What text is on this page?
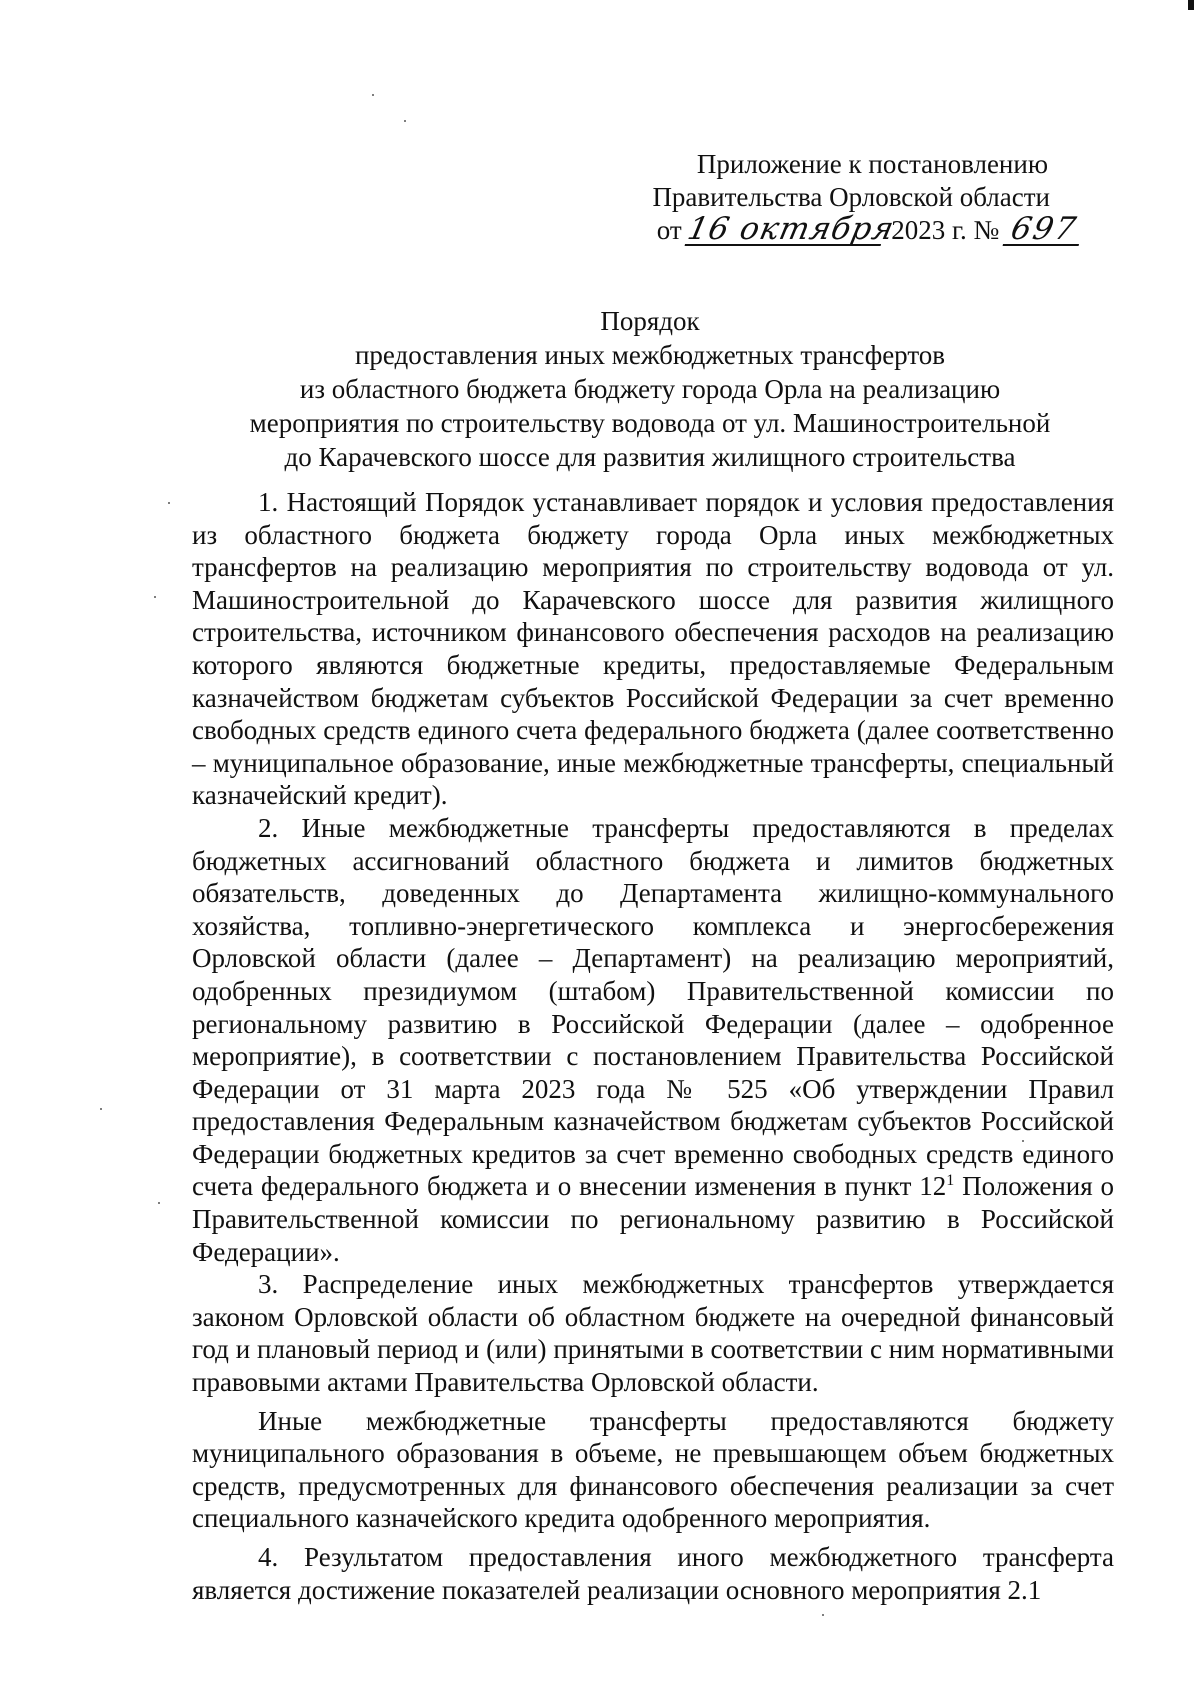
Приложение к постановлению
Правительства Орловской области
от 16 октября 2023 г. № 697
Порядок
предоставления иных межбюджетных трансфертов
из областного бюджета бюджету города Орла на реализацию
мероприятия по строительству водовода от ул. Машиностроительной
до Карачевского шоссе для развития жилищного строительства

1. Настоящий Порядок устанавливает порядок и условия предоставления из областного бюджета бюджету города Орла иных межбюджетных трансфертов на реализацию мероприятия по строительству водовода от ул. Машиностроительной до Карачевского шоссе для развития жилищного строительства, источником финансового обеспечения расходов на реализацию которого являются бюджетные кредиты, предоставляемые Федеральным казначейством бюджетам субъектов Российской Федерации за счет временно свободных средств единого счета федерального бюджета (далее соответственно – муниципальное образование, иные межбюджетные трансферты, специальный казначейский кредит).

2. Иные межбюджетные трансферты предоставляются в пределах бюджетных ассигнований областного бюджета и лимитов бюджетных обязательств, доведенных до Департамента жилищно-коммунального хозяйства, топливно-энергетического комплекса и энергосбережения Орловской области (далее – Департамент) на реализацию мероприятий, одобренных президиумом (штабом) Правительственной комиссии по региональному развитию в Российской Федерации (далее – одобренное мероприятие), в соответствии с постановлением Правительства Российской Федерации от 31 марта 2023 года № 525 «Об утверждении Правил предоставления Федеральным казначейством бюджетам субъектов Российской Федерации бюджетных кредитов за счет временно свободных средств единого счета федерального бюджета и о внесении изменения в пункт $12^1$ Положения о Правительственной комиссии по региональному развитию в Российской Федерации».

3. Распределение иных межбюджетных трансфертов утверждается законом Орловской области об областном бюджете на очередной финансовый год и плановый период и (или) принятыми в соответствии с ним нормативными правовыми актами Правительства Орловской области.

Иные межбюджетные трансферты предоставляются бюджету муниципального образования в объеме, не превышающем объем бюджетных средств, предусмотренных для финансового обеспечения реализации за счет специального казначейского кредита одобренного мероприятия.

4. Результатом предоставления иного межбюджетного трансферта является достижение показателей реализации основного мероприятия 2.1
